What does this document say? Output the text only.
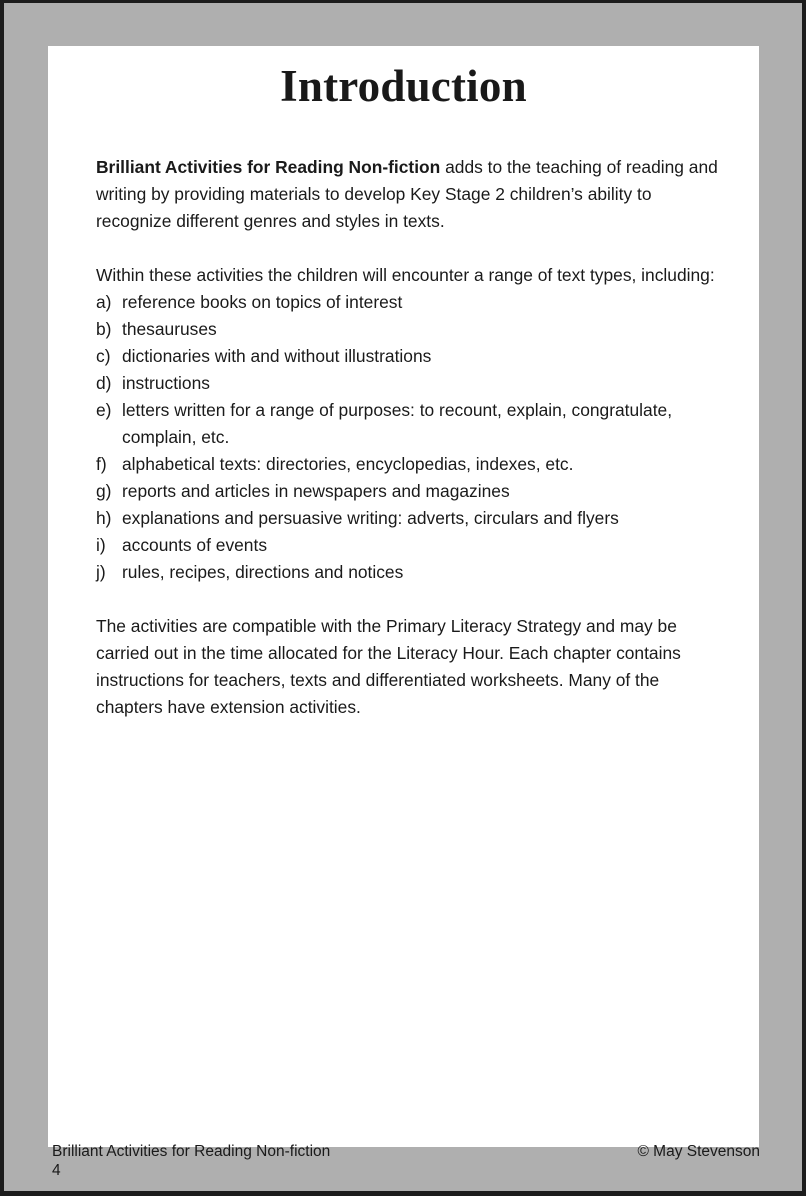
Introduction

Brilliant Activities for Reading Non-fiction adds to the teaching of reading and writing by providing materials to develop Key Stage 2 children’s ability to recognize different genres and styles in texts.

Within these activities the children will encounter a range of text types, including:

a) reference books on topics of interest
b) thesauruses
c) dictionaries with and without illustrations
d) instructions
e) letters written for a range of purposes: to recount, explain, congratulate, complain, etc.
f) alphabetical texts: directories, encyclopedias, indexes, etc.
g) reports and articles in newspapers and magazines
h) explanations and persuasive writing: adverts, circulars and flyers
i) accounts of events
j) rules, recipes, directions and notices

The activities are compatible with the Primary Literacy Strategy and may be carried out in the time allocated for the Literacy Hour. Each chapter contains instructions for teachers, texts and differentiated worksheets. Many of the chapters have extension activities.

Brilliant Activities for Reading Non-fiction	© May Stevenson
4
